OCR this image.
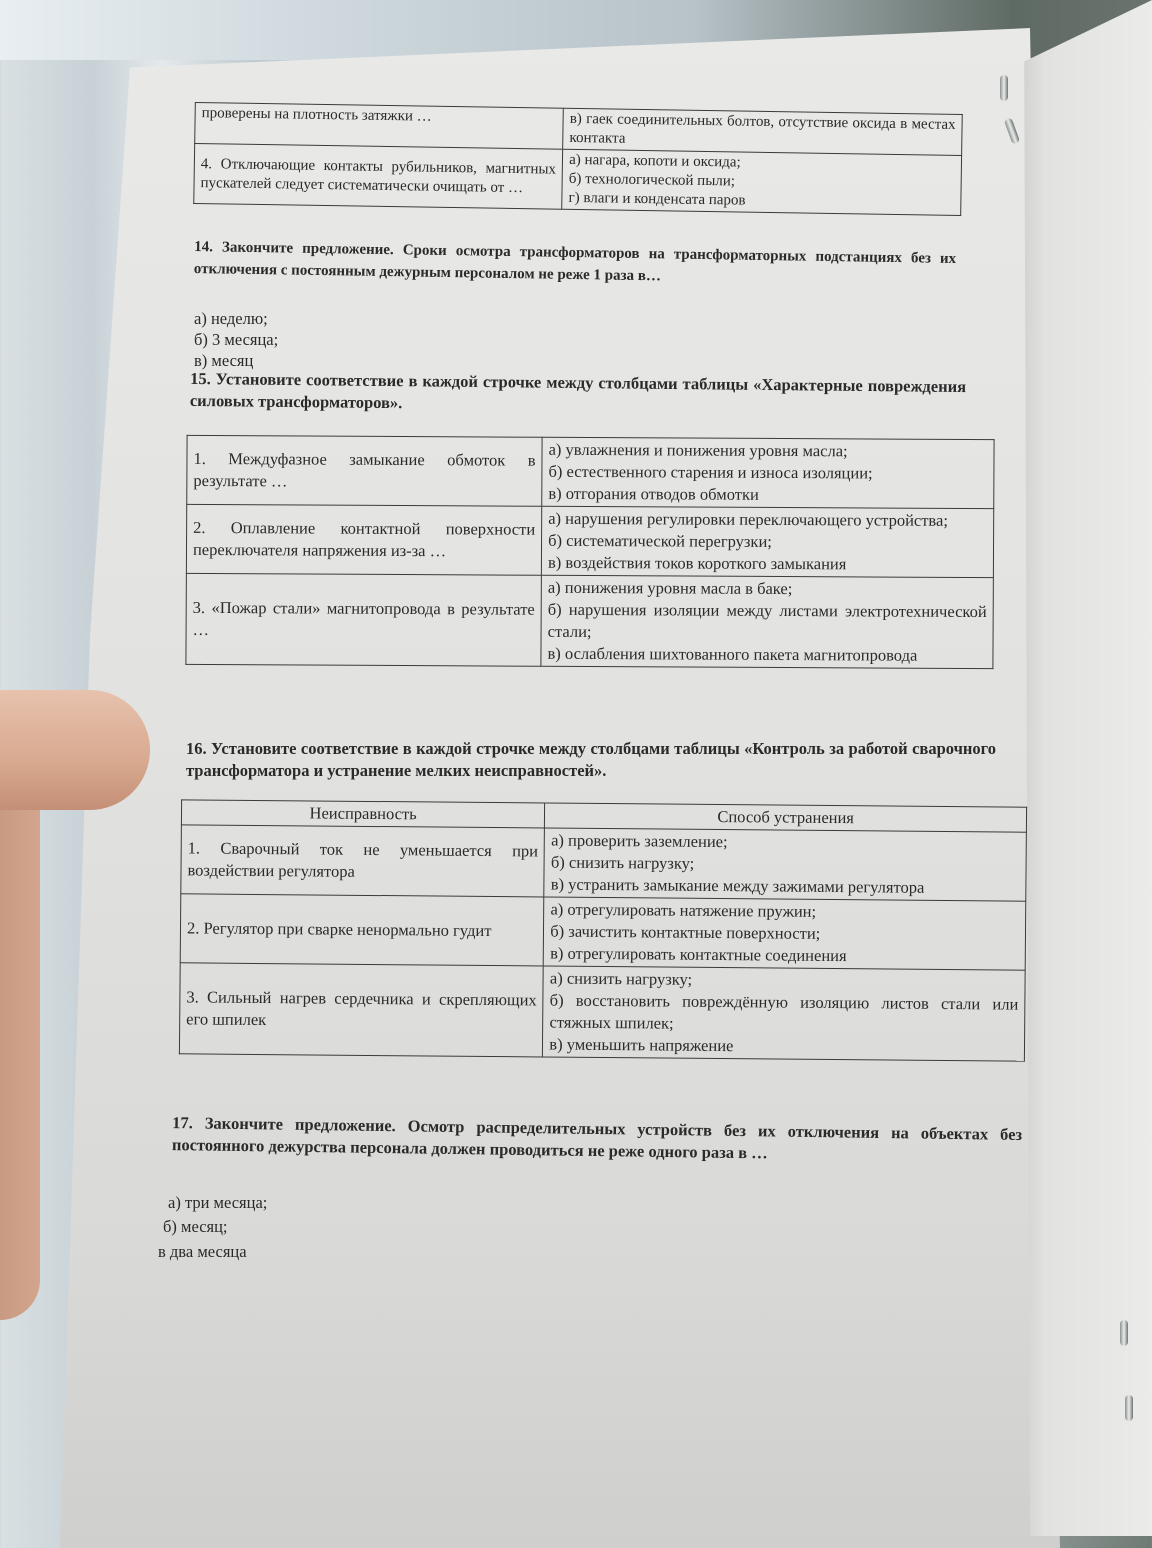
проверены на плотность затяжки …	в) гаек соединительных болтов, отсутствие оксида в местах контакта

4. Отключающие контакты рубильников, магнитных пускателей следует систематически очищать от …	а) нагара, копоти и оксида;
б) технологической пыли;
г) влаги и конденсата паров
14. Закончите предложение. Сроки осмотра трансформаторов на трансформаторных подстанциях без их отключения с постоянным дежурным персоналом не реже 1 раза в…
а) неделю;
б) 3 месяца;
в) месяц
15. Установите соответствие в каждой строчке между столбцами таблицы «Характерные повреждения силовых трансформаторов».
1. Междуфазное замыкание обмоток в результате …	а) увлажнения и понижения уровня масла;
б) естественного старения и износа изоляции;
в) отгорания отводов обмотки

2. Оплавление контактной поверхности переключателя напряжения из-за …	а) нарушения регулировки переключающего устройства;
б) систематической перегрузки;
в) воздействия токов короткого замыкания

3. «Пожар стали» магнитопровода в результате …	а) понижения уровня масла в баке;
б) нарушения изоляции между листами электротехнической стали;
в) ослабления шихтованного пакета магнитопровода
16. Установите соответствие в каждой строчке между столбцами таблицы «Контроль за работой сварочного трансформатора и устранение мелких неисправностей».
Неисправность	Способ устранения
1. Сварочный ток не уменьшается при воздействии регулятора	а) проверить заземление;
б) снизить нагрузку;
в) устранить замыкание между зажимами регулятора

2. Регулятор при сварке ненормально гудит	а) отрегулировать натяжение пружин;
б) зачистить контактные поверхности;
в) отрегулировать контактные соединения

3. Сильный нагрев сердечника и скрепляющих его шпилек	а) снизить нагрузку;
б) восстановить повреждённую изоляцию листов стали или стяжных шпилек;
в) уменьшить напряжение
17. Закончите предложение. Осмотр распределительных устройств без их отключения на объектах без постоянного дежурства персонала должен проводиться не реже одного раза в …
а) три месяца;
б) месяц;
в два месяца
